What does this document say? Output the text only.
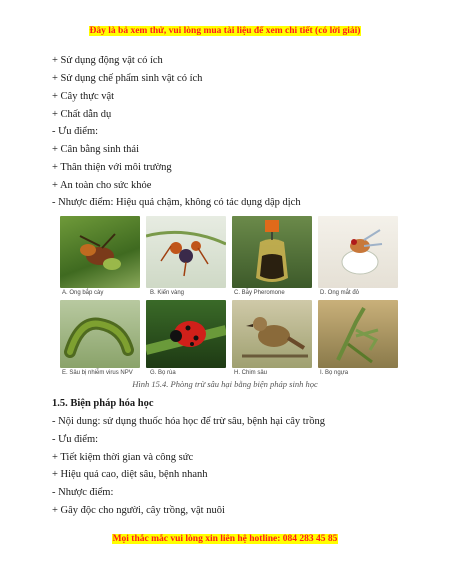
Đây là bả xem thử, vui lòng mua tài liệu để xem chi tiết (có lời giải)
+ Sử dụng động vật có ích
+ Sử dụng chế phẩm sinh vật có ích
+ Cây thực vật
+ Chất dẫn dụ
- Ưu điểm:
+ Cân bằng sinh thái
+ Thân thiện với môi trường
+ An toàn cho sức khỏe
- Nhược điểm: Hiệu quả chậm, không có tác dụng dập dịch
A. Ong bắp cày	B. Kiến vàng	C. Bẫy Pheromone	D. Ong mắt đỏ
E. Sâu bị nhiễm virus NPV	G. Bọ rùa	H. Chim sâu	I. Bọ ngựa
Hình 15.4. Phòng trừ sâu hại bằng biện pháp sinh học
1.5. Biện pháp hóa học
- Nội dung: sử dụng thuốc hóa học để trừ sâu, bệnh hại cây trồng
- Ưu điểm:
+ Tiết kiệm thời gian và công sức
+ Hiệu quả cao, diệt sâu, bệnh nhanh
- Nhược điểm:
+ Gây độc cho người, cây trồng, vật nuôi
Mọi thắc mắc vui lòng xin liên hệ hotline: 084 283 45 85
